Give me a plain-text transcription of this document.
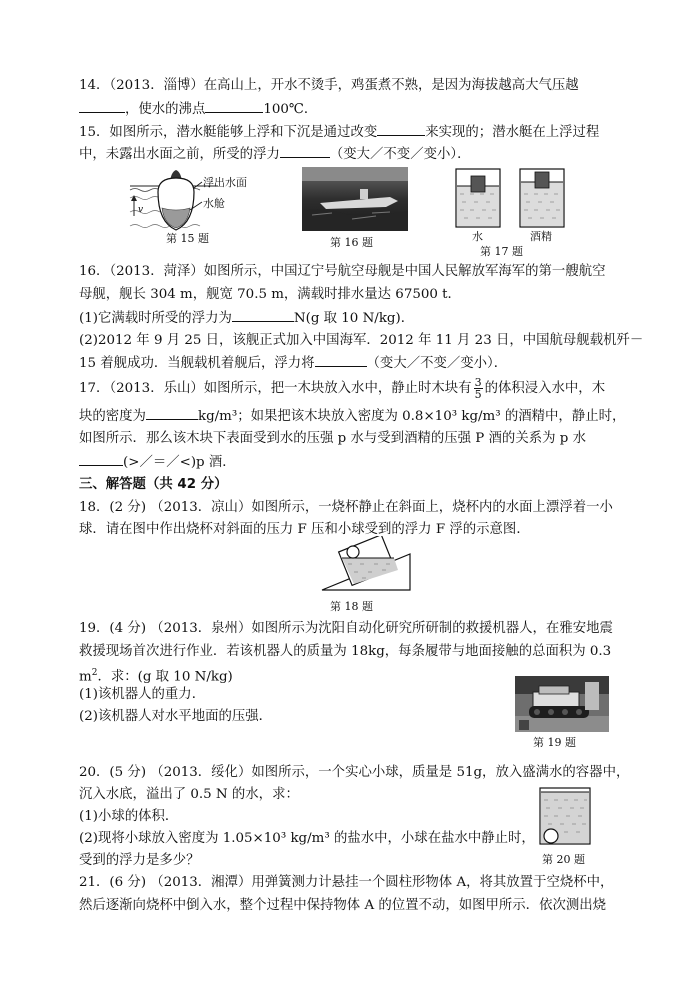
14．（2013．淄博）在高山上，开水不烫手，鸡蛋煮不熟，是因为海拔越高大气压越
，使水的沸点	100℃．
15．如图所示，潜水艇能够上浮和下沉是通过改变	来实现的；潜水艇在上浮过程
中，未露出水面之前，所受的浮力	（变大／不变／变小）．
v
浮出水面
水舱
第 15 题	第 16 题	水	酒精
第 17 题
16．（2013．菏泽）如图所示，中国辽宁号航空母舰是中国人民解放军海军的第一艘航空
母舰，舰长 304 m，舰宽 70.5 m，满载时排水量达 67500 t．
(1)它满载时所受的浮力为	N(g 取 10 N/kg)．
(2)2012 年 9 月 25 日，该舰正式加入中国海军．2012 年 11 月 23 日，中国航母舰载机歼－
15 着舰成功．当舰载机着舰后，浮力将	（变大／不变／变小）．
17．（2013．乐山）如图所示，把一木块放入水中，静止时木块有 $\frac{3}{5}$ 的体积浸入水中，木
块的密度为	kg/m³；如果把该木块放入密度为 0.8×10³ kg/m³ 的酒精中，静止时，
如图所示．那么该木块下表面受到水的压强 p 水与受到酒精的压强 P 酒的关系为 p 水
(>／＝／<)p 酒．
三、解答题（共 42 分）
18．(2 分) （2013．凉山）如图所示，一烧杯静止在斜面上，烧杯内的水面上漂浮着一小
球．请在图中作出烧杯对斜面的压力 F 压和小球受到的浮力 F 浮的示意图．
第 18 题
19．(4 分) （2013．泉州）如图所示为沈阳自动化研究所研制的救援机器人，在雅安地震
救援现场首次进行作业．若该机器人的质量为 18kg，每条履带与地面接触的总面积为 0.3
$m^2$．求：(g 取 10 N/kg)
(1)该机器人的重力．
(2)该机器人对水平地面的压强．
第 19 题
20．(5 分) （2013．绥化）如图所示，一个实心小球，质量是 51g，放入盛满水的容器中，
沉入水底，溢出了 0.5 N 的水，求：
(1)小球的体积．
(2)现将小球放入密度为 1.05×10³ kg/m³ 的盐水中，小球在盐水中静止时，
受到的浮力是多少？	第 20 题
21．(6 分) （2013．湘潭）用弹簧测力计悬挂一个圆柱形物体 A，将其放置于空烧杯中，
然后逐渐向烧杯中倒入水，整个过程中保持物体 A 的位置不动，如图甲所示．依次测出烧
